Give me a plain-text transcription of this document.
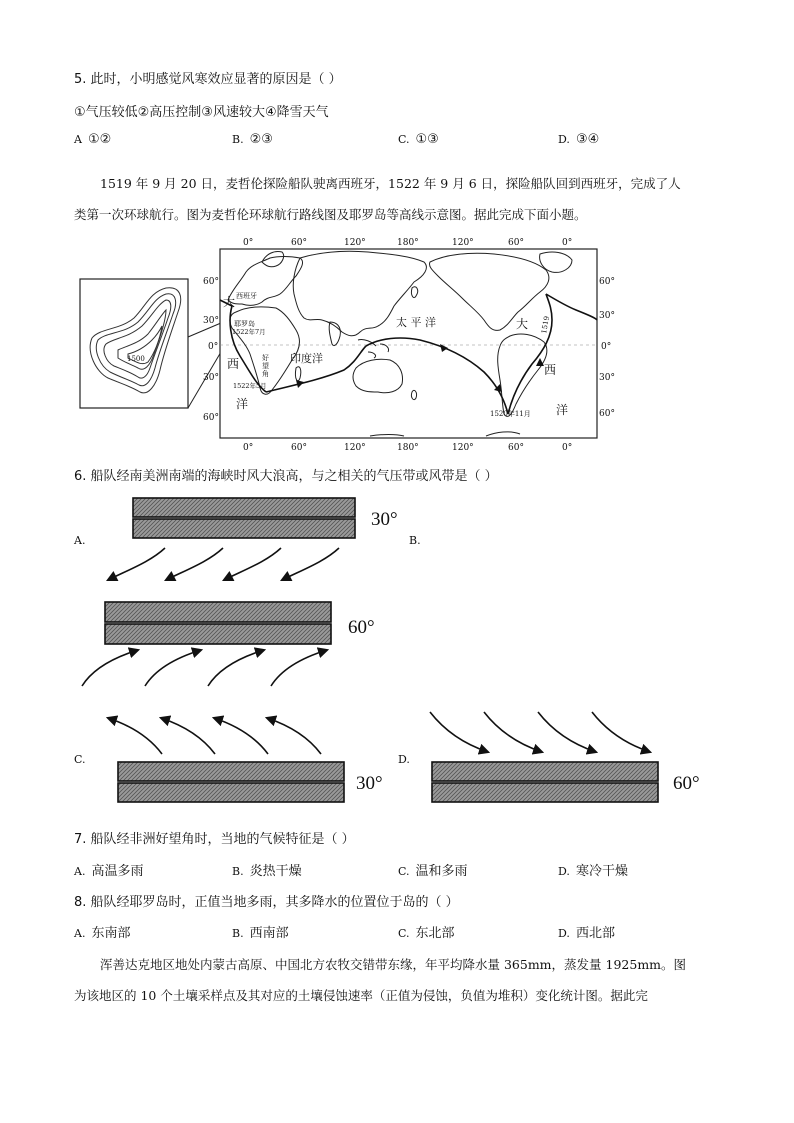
5. 此时，小明感觉风寒效应显著的原因是（ ）
①气压较低②高压控制③风速较大④降雪天气
A ①②	B. ②③	C. ①③	D. ③④
1519 年 9 月 20 日，麦哲伦探险船队驶离西班牙，1522 年 9 月 6 日，探险船队回到西班牙，完成了人
类第一次环球航行。图为麦哲伦环球航行路线图及耶罗岛等高线示意图。据此完成下面小题。
1500
0°	60°	120°	180°	120°	60°	0°
0°	60°	120°	180°	120°	60°	0°
60°
30°
0°
30°
60°
60°
30°
0°
30°
60°
大 西班牙
耶罗岛
1522年7月
西	好
望
角
1522年5月
洋
印度洋
太 平 洋	大 1519
西
1520年11月 洋
6. 船队经南美洲南端的海峡时风大浪高，与之相关的气压带或风带是（ ）
A.
30°
B.
60°
C.
30°
D.
60°
7. 船队经非洲好望角时，当地的气候特征是（ ）
A. 高温多雨	B. 炎热干燥	C. 温和多雨	D. 寒冷干燥
8. 船队经耶罗岛时，正值当地多雨，其多降水的位置位于岛的（ ）
A. 东南部	B. 西南部	C. 东北部	D. 西北部
浑善达克地区地处内蒙古高原、中国北方农牧交错带东缘，年平均降水量 365mm，蒸发量 1925mm。图
为该地区的 10 个土壤采样点及其对应的土壤侵蚀速率（正值为侵蚀，负值为堆积）变化统计图。据此完
